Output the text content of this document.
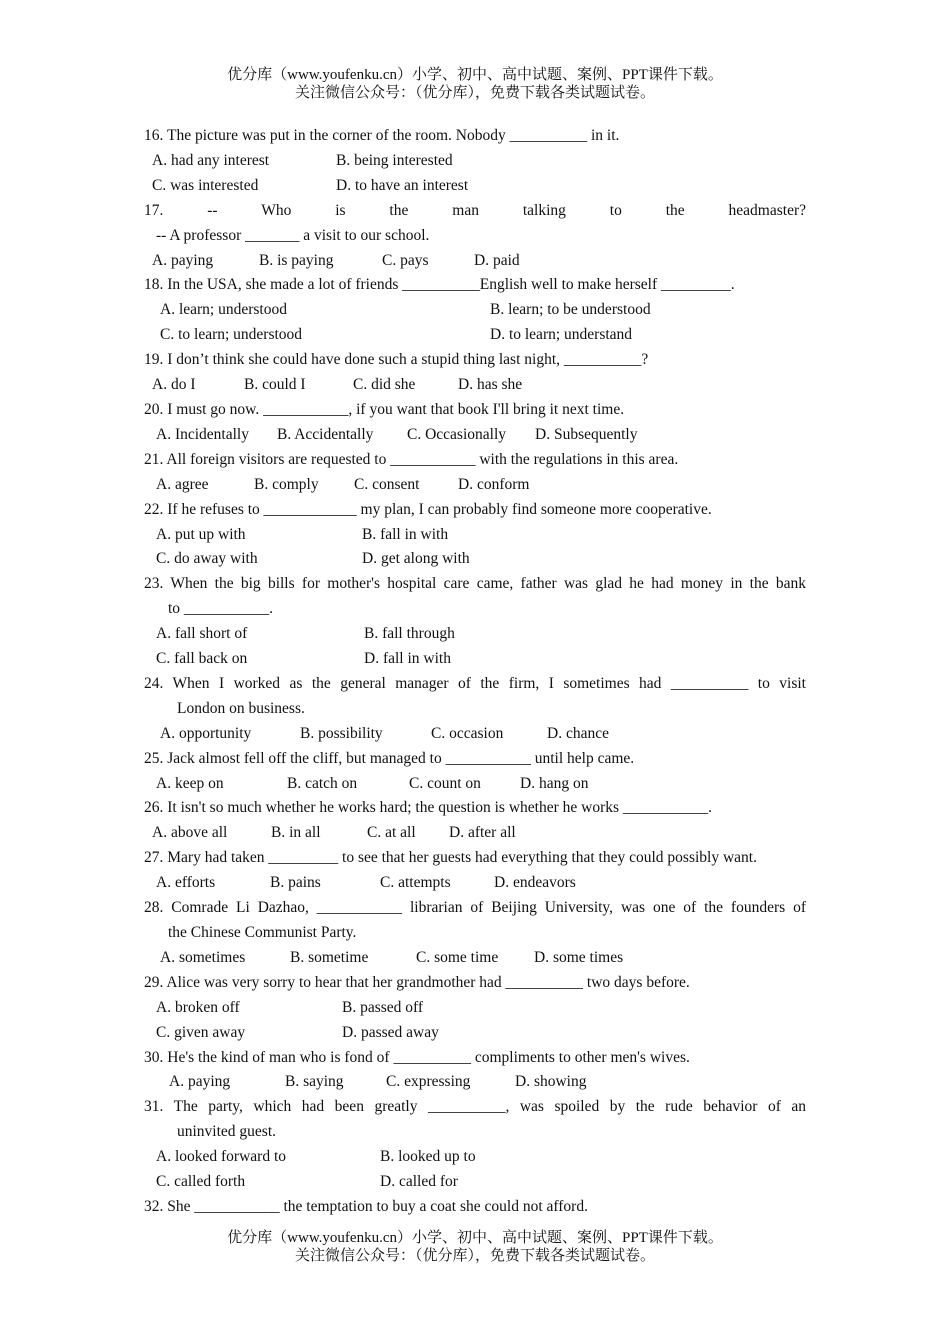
优分库（www.youfenku.cn）小学、初中、高中试题、案例、PPT课件下载。
关注微信公众号：（优分库），免费下载各类试题试卷。
16. The picture was put in the corner of the room. Nobody __________ in it.
A. had any interest	B. being interested
C. was interested	D. to have an interest
17. -- Who is the man talking to the headmaster?
-- A professor _______ a visit to our school.
A. paying	B. is paying	C. pays	D. paid
18. In the USA, she made a lot of friends __________English well to make herself _________.
A. learn; understood	B. learn; to be understood
C. to learn; understood	D. to learn; understand
19. I don’t think she could have done such a stupid thing last night, __________?
A. do I	B. could I	C. did she	D. has she
20. I must go now. ___________, if you want that book I'll bring it next time.
A. Incidentally	B. Accidentally	C. Occasionally	D. Subsequently
21. All foreign visitors are requested to ___________ with the regulations in this area.
A. agree	B. comply	C. consent	D. conform
22. If he refuses to ____________ my plan, I can probably find someone more cooperative.
A. put up with	B. fall in with
C. do away with	D. get along with
23. When the big bills for mother's hospital care came, father was glad he had money in the bank
to ___________.
A. fall short of	B. fall through
C. fall back on	D. fall in with
24. When I worked as the general manager of the firm, I sometimes had __________ to visit
London on business.
A. opportunity	B. possibility	C. occasion	D. chance
25. Jack almost fell off the cliff, but managed to ___________ until help came.
A. keep on	B. catch on	C. count on	D. hang on
26. It isn't so much whether he works hard; the question is whether he works ___________.
A. above all	B. in all	C. at all	D. after all
27. Mary had taken _________ to see that her guests had everything that they could possibly want.
A. efforts	B. pains	C. attempts	D. endeavors
28. Comrade Li Dazhao, ___________ librarian of Beijing University, was one of the founders of
the Chinese Communist Party.
A. sometimes	B. sometime	C. some time	D. some times
29. Alice was very sorry to hear that her grandmother had __________ two days before.
A. broken off	B. passed off
C. given away	D. passed away
30. He's the kind of man who is fond of __________ compliments to other men's wives.
A. paying	B. saying	C. expressing	D. showing
31. The party, which had been greatly __________, was spoiled by the rude behavior of an
uninvited guest.
A. looked forward to	B. looked up to
C. called forth	D. called for
32. She ___________ the temptation to buy a coat she could not afford.
优分库（www.youfenku.cn）小学、初中、高中试题、案例、PPT课件下载。
关注微信公众号：（优分库），免费下载各类试题试卷。
